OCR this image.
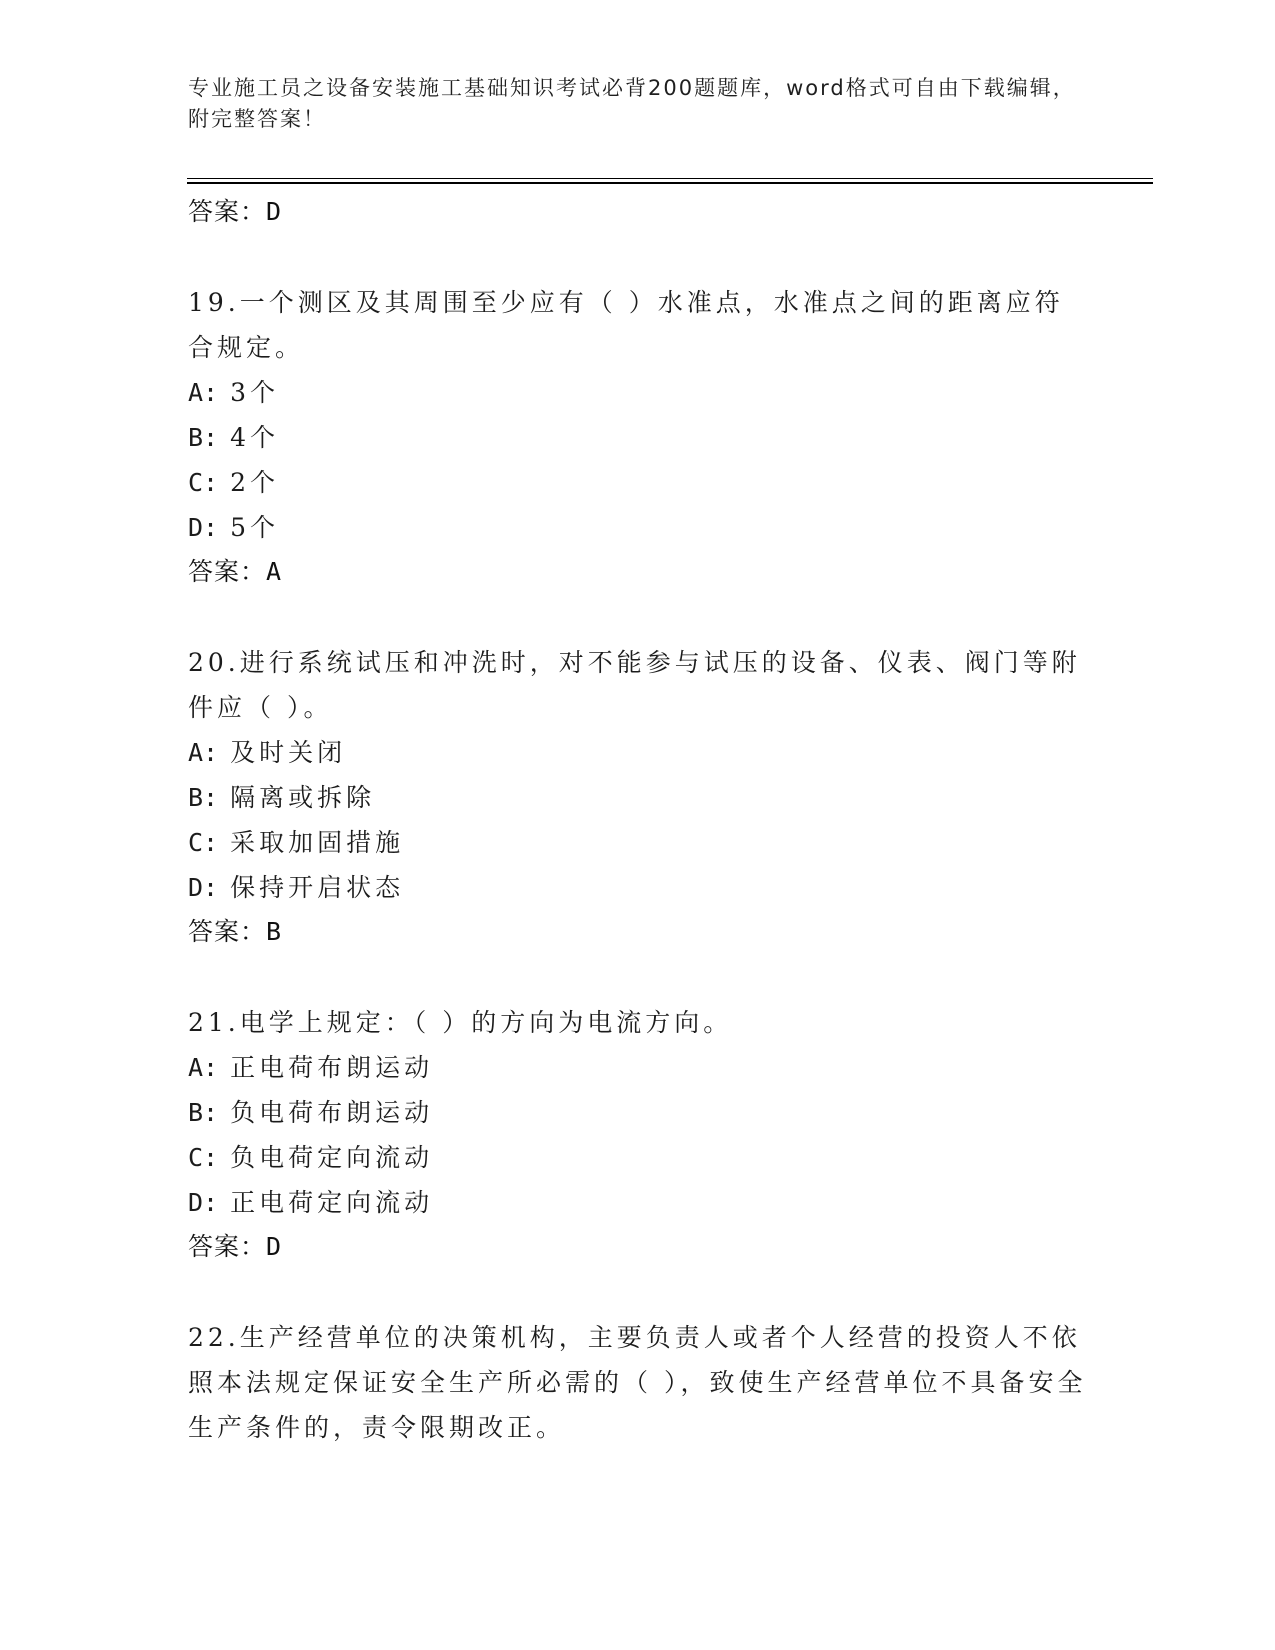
专业施工员之设备安装施工基础知识考试必背200题题库，word格式可自由下载编辑，附完整答案！
答案：D
19.一个测区及其周围至少应有（ ）水准点，水准点之间的距离应符合规定。
A: 3个
B: 4个
C: 2个
D: 5个
答案：A
20.进行系统试压和冲洗时，对不能参与试压的设备、仪表、阀门等附件应（ ）。
A: 及时关闭
B: 隔离或拆除
C: 采取加固措施
D: 保持开启状态
答案：B
21.电学上规定：（ ）的方向为电流方向。
A: 正电荷布朗运动
B: 负电荷布朗运动
C: 负电荷定向流动
D: 正电荷定向流动
答案：D
22.生产经营单位的决策机构，主要负责人或者个人经营的投资人不依照本法规定保证安全生产所必需的（ ），致使生产经营单位不具备安全生产条件的，责令限期改正。
